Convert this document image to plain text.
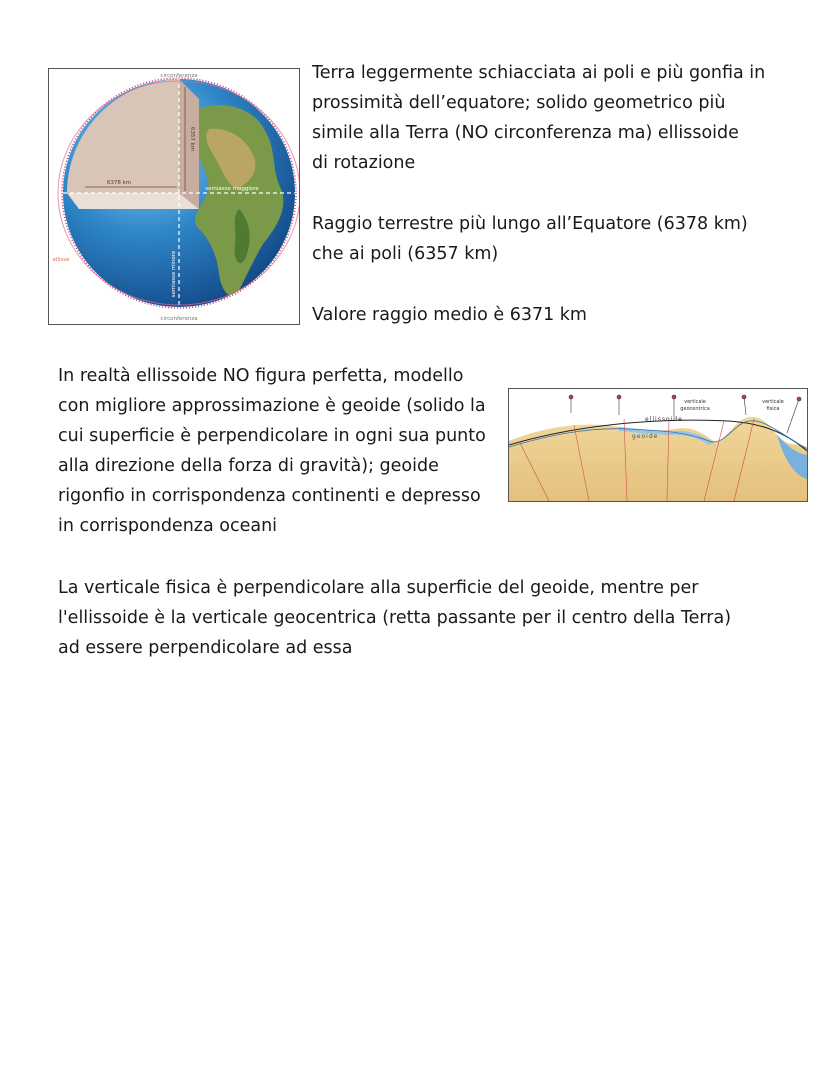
circonferenza
circonferenza
6378 km
6357 km
semiasse maggiore
semiasse minore
ellisse

Terra leggermente schiacciata ai poli e più gonfia in
prossimità dell’equatore; solido geometrico più
simile alla Terra (NO circonferenza ma) ellissoide
di rotazione

Raggio terrestre più lungo all’Equatore (6378 km)
che ai poli (6357 km)

Valore raggio medio è 6371 km

In realtà ellissoide NO figura perfetta, modello
con migliore approssimazione è geoide (solido la
cui superficie è perpendicolare in ogni sua punto
alla direzione della forza di gravità); geoide
rigonfio in corrispondenza continenti e depresso
in corrispondenza oceani

ellissoide
geoide
verticale
geocentrica
verticale
fisica

La verticale fisica è perpendicolare alla superficie del geoide, mentre per
l'ellissoide è la verticale geocentrica (retta passante per il centro della Terra)
ad essere perpendicolare ad essa
